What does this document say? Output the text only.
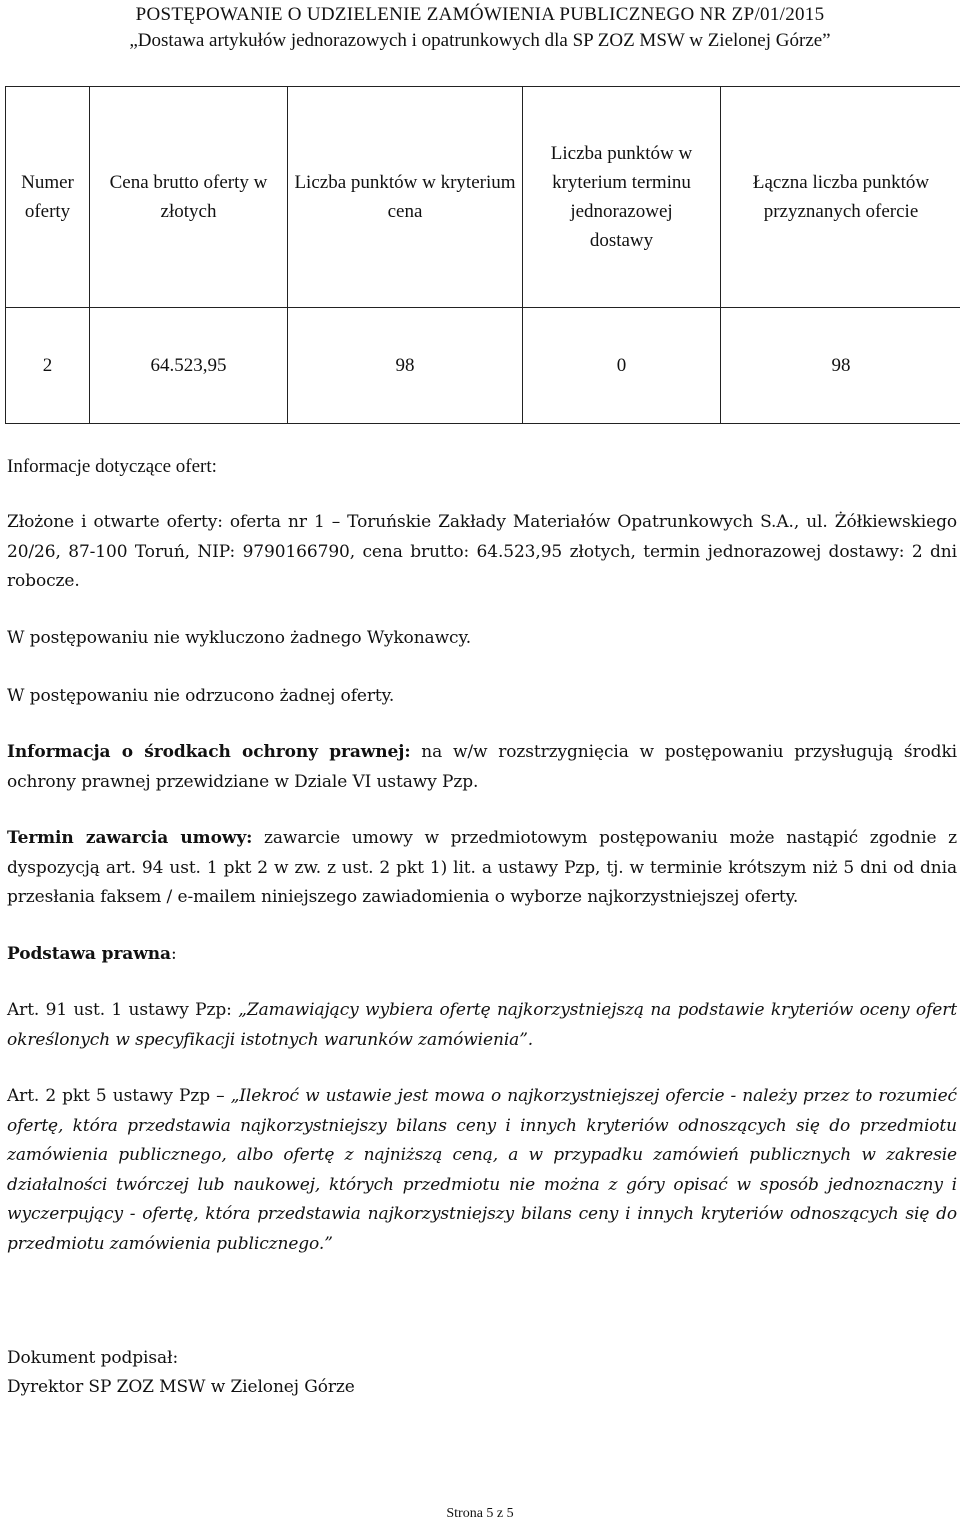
POSTĘPOWANIE O UDZIELENIE ZAMÓWIENIA PUBLICZNEGO NR ZP/01/2015
„Dostawa artykułów jednorazowych i opatrunkowych dla SP ZOZ MSW w Zielonej Górze”
Numer oferty	Cena brutto oferty w złotych	Liczba punktów w kryterium cena	Liczba punktów w kryterium terminu jednorazowej dostawy	Łączna liczba punktów przyznanych ofercie
2	64.523,95	98	0	98
Informacje dotyczące ofert:
Złożone i otwarte oferty: oferta nr 1 – Toruńskie Zakłady Materiałów Opatrunkowych S.A., ul. Żółkiewskiego 20/26, 87-100 Toruń, NIP: 9790166790, cena brutto: 64.523,95 złotych, termin jednorazowej dostawy: 2 dni robocze.
W postępowaniu nie wykluczono żadnego Wykonawcy.
W postępowaniu nie odrzucono żadnej oferty.
Informacja o środkach ochrony prawnej: na w/w rozstrzygnięcia w postępowaniu przysługują środki ochrony prawnej przewidziane w Dziale VI ustawy Pzp.
Termin zawarcia umowy: zawarcie umowy w przedmiotowym postępowaniu może nastąpić zgodnie z dyspozycją art. 94 ust. 1 pkt 2 w zw. z ust. 2 pkt 1) lit. a ustawy Pzp, tj. w terminie krótszym niż 5 dni od dnia przesłania faksem / e-mailem niniejszego zawiadomienia o wyborze najkorzystniejszej oferty.
Podstawa prawna:
Art. 91 ust. 1 ustawy Pzp: „Zamawiający wybiera ofertę najkorzystniejszą na podstawie kryteriów oceny ofert określonych w specyfikacji istotnych warunków zamówienia”.
Art. 2 pkt 5 ustawy Pzp – „Ilekroć w ustawie jest mowa o najkorzystniejszej ofercie - należy przez to rozumieć ofertę, która przedstawia najkorzystniejszy bilans ceny i innych kryteriów odnoszących się do przedmiotu zamówienia publicznego, albo ofertę z najniższą ceną, a w przypadku zamówień publicznych w zakresie działalności twórczej lub naukowej, których przedmiotu nie można z góry opisać w sposób jednoznaczny i wyczerpujący - ofertę, która przedstawia najkorzystniejszy bilans ceny i innych kryteriów odnoszących się do przedmiotu zamówienia publicznego.”
Dokument podpisał:
Dyrektor SP ZOZ MSW w Zielonej Górze
Strona 5 z 5
